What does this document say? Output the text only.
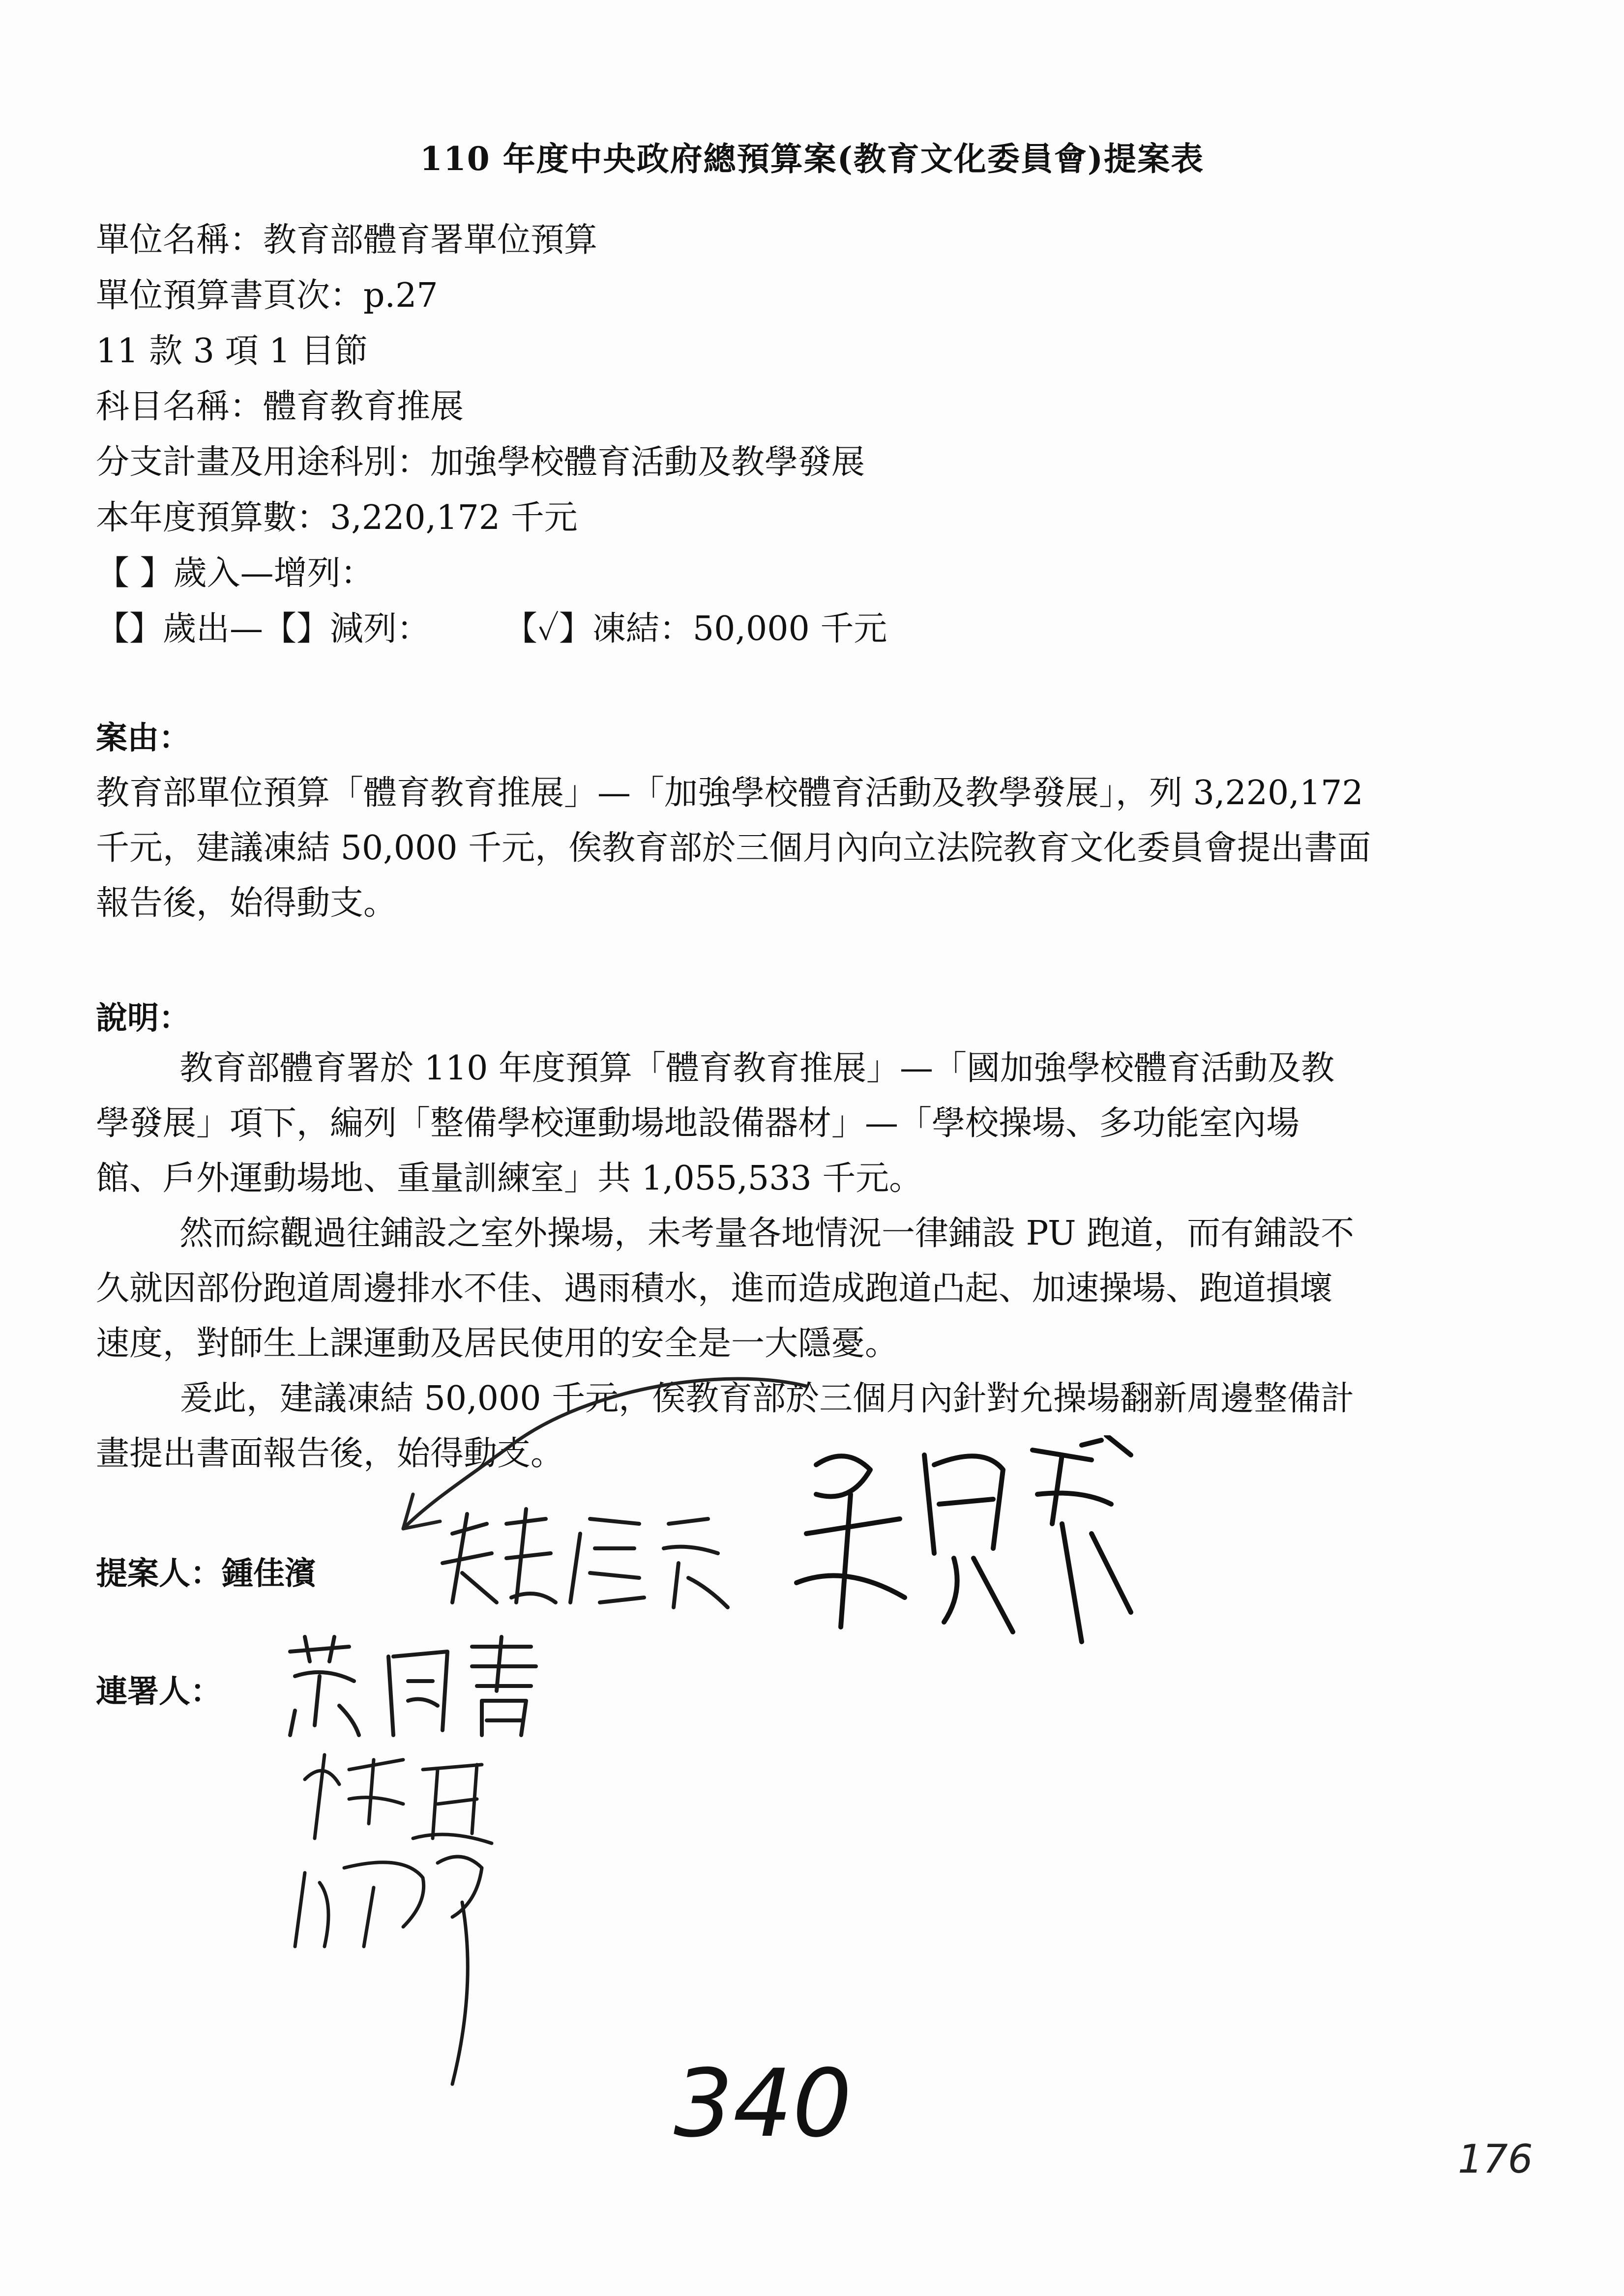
110 年度中央政府總預算案(教育文化委員會)提案表
單位名稱：教育部體育署單位預算
單位預算書頁次：p.27
11 款 3 項 1 目節
科目名稱：體育教育推展
分支計畫及用途科別：加強學校體育活動及教學發展
本年度預算數：3,220,172 千元
【 】歲入—增列：
【】歲出—【】減列： 【✓】凍結：50,000 千元
案由：
教育部單位預算「體育教育推展」—「加強學校體育活動及教學發展」，列 3,220,172
千元，建議凍結 50,000 千元，俟教育部於三個月內向立法院教育文化委員會提出書面
報告後，始得動支。
說明：
教育部體育署於 110 年度預算「體育教育推展」—「國加強學校體育活動及教
學發展」項下，編列「整備學校運動場地設備器材」—「學校操場、多功能室內場
館、戶外運動場地、重量訓練室」共 1,055,533 千元。
然而綜觀過往鋪設之室外操場，未考量各地情況一律鋪設 PU 跑道，而有鋪設不
久就因部份跑道周邊排水不佳、遇雨積水，進而造成跑道凸起、加速操場、跑道損壞
速度，對師生上課運動及居民使用的安全是一大隱憂。
爰此，建議凍結 50,000 千元，俟教育部於三個月內針對允操場翻新周邊整備計
畫提出書面報告後，始得動支。
提案人：鍾佳濱
連署人：
340
176
